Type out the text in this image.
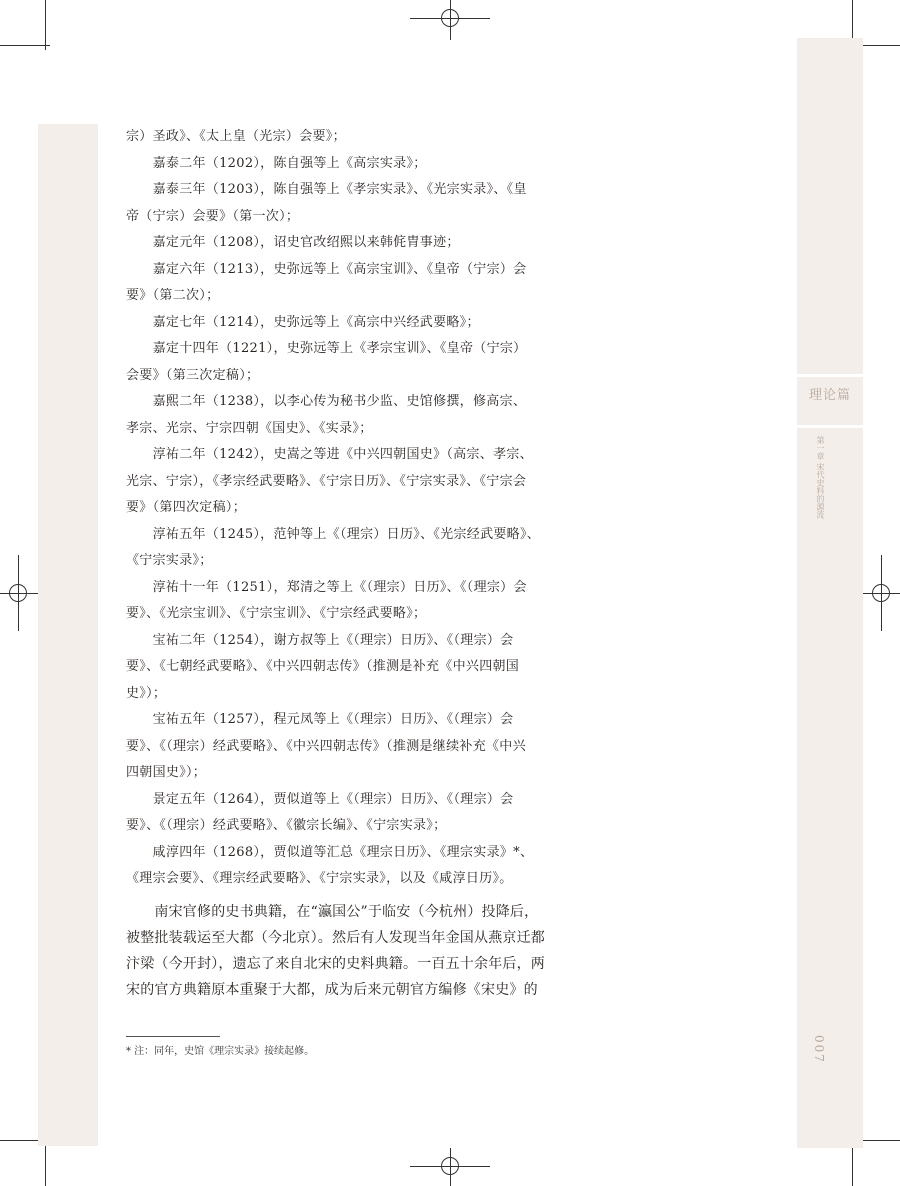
理论篇
第一章 宋代史料的源流
007
宗）圣政》、《太上皇（光宗）会要》；
　　嘉泰二年（1202），陈自强等上《高宗实录》；
　　嘉泰三年（1203），陈自强等上《孝宗实录》、《光宗实录》、《皇
帝（宁宗）会要》（第一次）；
　　嘉定元年（1208），诏史官改绍熙以来韩侂胄事迹；
　　嘉定六年（1213），史弥远等上《高宗宝训》、《皇帝（宁宗）会
要》（第二次）；
　　嘉定七年（1214），史弥远等上《高宗中兴经武要略》；
　　嘉定十四年（1221），史弥远等上《孝宗宝训》、《皇帝（宁宗）
会要》（第三次定稿）；
　　嘉熙二年（1238），以李心传为秘书少监、史馆修撰，修高宗、
孝宗、光宗、宁宗四朝《国史》、《实录》；
　　淳祐二年（1242），史嵩之等进《中兴四朝国史》（高宗、孝宗、
光宗、宁宗），《孝宗经武要略》、《宁宗日历》、《宁宗实录》、《宁宗会
要》（第四次定稿）；
　　淳祐五年（1245），范钟等上《（理宗）日历》、《光宗经武要略》、
《宁宗实录》；
　　淳祐十一年（1251），郑清之等上《（理宗）日历》、《（理宗）会
要》、《光宗宝训》、《宁宗宝训》、《宁宗经武要略》；
　　宝祐二年（1254），谢方叔等上《（理宗）日历》、《（理宗）会
要》、《七朝经武要略》、《中兴四朝志传》（推测是补充《中兴四朝国
史》）；
　　宝祐五年（1257），程元凤等上《（理宗）日历》、《（理宗）会
要》、《（理宗）经武要略》、《中兴四朝志传》（推测是继续补充《中兴
四朝国史》）；
　　景定五年（1264），贾似道等上《（理宗）日历》、《（理宗）会
要》、《（理宗）经武要略》、《徽宗长编》、《宁宗实录》；
　　咸淳四年（1268），贾似道等汇总《理宗日历》、《理宗实录》*、
《理宗会要》、《理宗经武要略》、《宁宗实录》，以及《咸淳日历》。
　　南宋官修的史书典籍，在“瀛国公”于临安（今杭州）投降后，
被整批装载运至大都（今北京）。然后有人发现当年金国从燕京迁都
汴梁（今开封），遗忘了来自北宋的史料典籍。一百五十余年后，两
宋的官方典籍原本重聚于大都，成为后来元朝官方编修《宋史》的
* 注：同年，史馆《理宗实录》接续起修。
